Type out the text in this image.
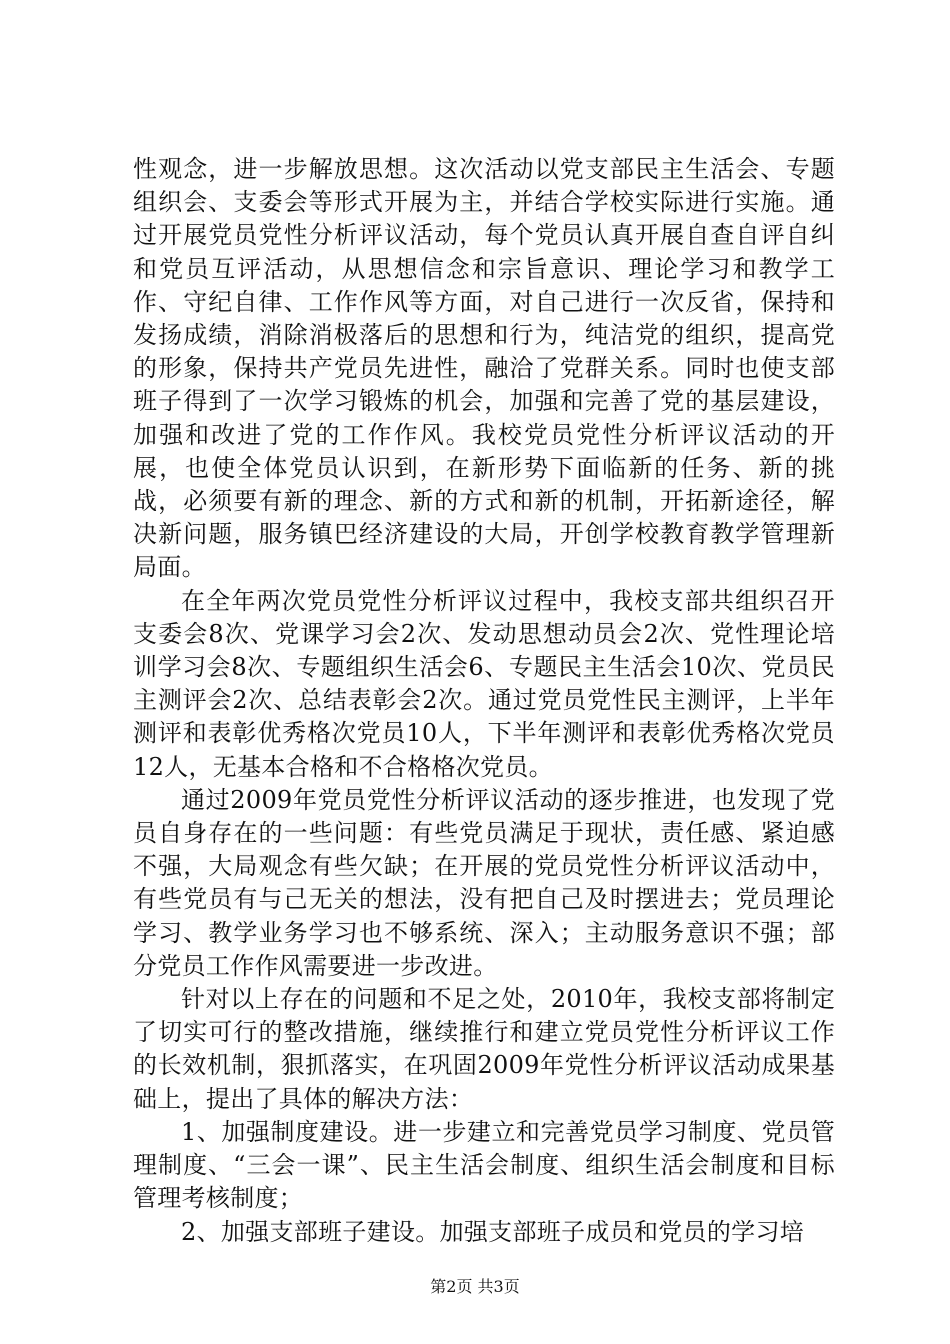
性观念，进一步解放思想。这次活动以党支部民主生活会、专题组织会、支委会等形式开展为主，并结合学校实际进行实施。通过开展党员党性分析评议活动，每个党员认真开展自查自评自纠和党员互评活动，从思想信念和宗旨意识、理论学习和教学工作、守纪自律、工作作风等方面，对自己进行一次反省，保持和发扬成绩，消除消极落后的思想和行为，纯洁党的组织，提高党的形象，保持共产党员先进性，融洽了党群关系。同时也使支部班子得到了一次学习锻炼的机会，加强和完善了党的基层建设，加强和改进了党的工作作风。我校党员党性分析评议活动的开展，也使全体党员认识到，在新形势下面临新的任务、新的挑战，必须要有新的理念、新的方式和新的机制，开拓新途径，解决新问题，服务镇巴经济建设的大局，开创学校教育教学管理新局面。

在全年两次党员党性分析评议过程中，我校支部共组织召开支委会8次、党课学习会2次、发动思想动员会2次、党性理论培训学习会8次、专题组织生活会6、专题民主生活会10次、党员民主测评会2次、总结表彰会2次。通过党员党性民主测评，上半年测评和表彰优秀格次党员10人，下半年测评和表彰优秀格次党员12人，无基本合格和不合格格次党员。

通过2009年党员党性分析评议活动的逐步推进，也发现了党员自身存在的一些问题：有些党员满足于现状，责任感、紧迫感不强，大局观念有些欠缺；在开展的党员党性分析评议活动中，有些党员有与己无关的想法，没有把自己及时摆进去；党员理论学习、教学业务学习也不够系统、深入；主动服务意识不强；部分党员工作作风需要进一步改进。

针对以上存在的问题和不足之处，2010年，我校支部将制定了切实可行的整改措施，继续推行和建立党员党性分析评议工作的长效机制，狠抓落实，在巩固2009年党性分析评议活动成果基础上，提出了具体的解决方法：

1、加强制度建设。进一步建立和完善党员学习制度、党员管理制度、“三会一课”、民主生活会制度、组织生活会制度和目标管理考核制度；

2、加强支部班子建设。加强支部班子成员和党员的学习培

第2页 共3页
